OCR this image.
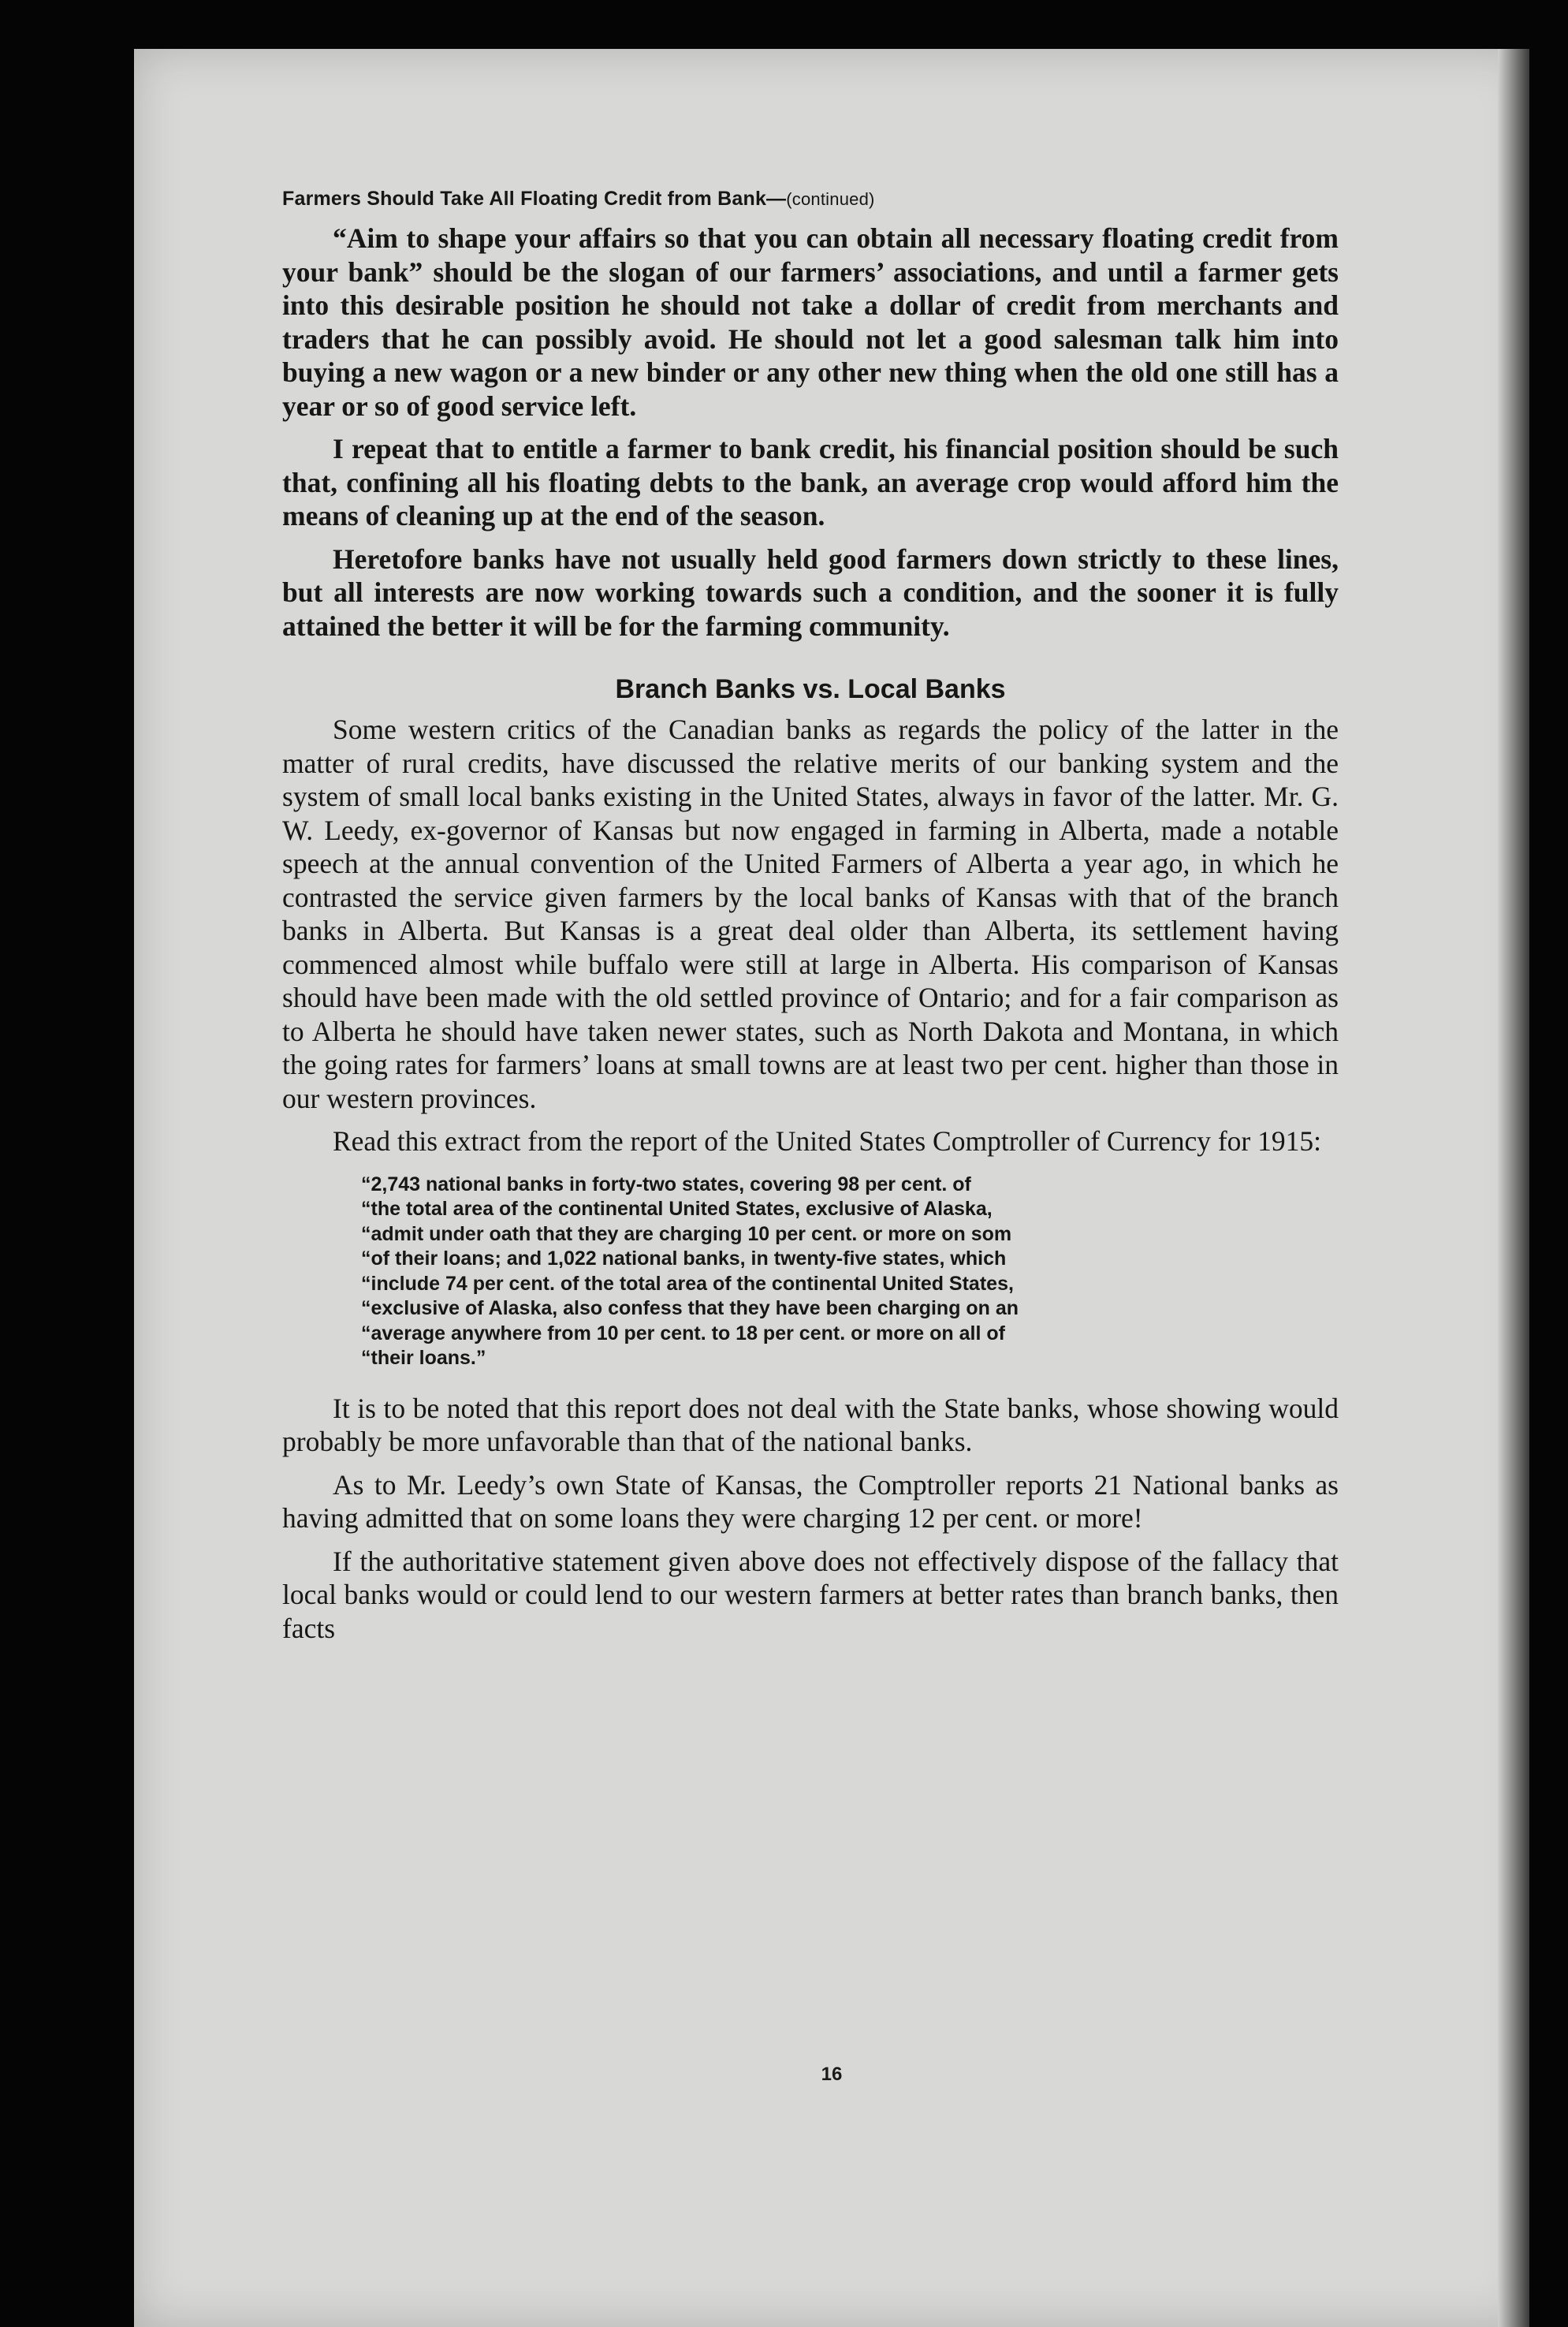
Farmers Should Take All Floating Credit from Bank—(continued)

“Aim to shape your affairs so that you can obtain all necessary floating credit from your bank” should be the slogan of our farmers’ associations, and until a farmer gets into this desirable position he should not take a dollar of credit from merchants and traders that he can possibly avoid. He should not let a good salesman talk him into buying a new wagon or a new binder or any other new thing when the old one still has a year or so of good service left.

I repeat that to entitle a farmer to bank credit, his financial position should be such that, confining all his floating debts to the bank, an average crop would afford him the means of cleaning up at the end of the season.

Heretofore banks have not usually held good farmers down strictly to these lines, but all interests are now working towards such a condition, and the sooner it is fully attained the better it will be for the farming community.

Branch Banks vs. Local Banks

Some western critics of the Canadian banks as regards the policy of the latter in the matter of rural credits, have discussed the relative merits of our banking system and the system of small local banks existing in the United States, always in favor of the latter. Mr. G. W. Leedy, ex-governor of Kansas but now engaged in farming in Alberta, made a notable speech at the annual convention of the United Farmers of Alberta a year ago, in which he contrasted the service given farmers by the local banks of Kansas with that of the branch banks in Alberta. But Kansas is a great deal older than Alberta, its settlement having commenced almost while buffalo were still at large in Alberta. His comparison of Kansas should have been made with the old settled province of Ontario; and for a fair comparison as to Alberta he should have taken newer states, such as North Dakota and Montana, in which the going rates for farmers’ loans at small towns are at least two per cent. higher than those in our western provinces.

Read this extract from the report of the United States Comptroller of Currency for 1915:

“2,743 national banks in forty-two states, covering 98 per cent. of
“the total area of the continental United States, exclusive of Alaska,
“admit under oath that they are charging 10 per cent. or more on som
“of their loans; and 1,022 national banks, in twenty-five states, which
“include 74 per cent. of the total area of the continental United States,
“exclusive of Alaska, also confess that they have been charging on an
“average anywhere from 10 per cent. to 18 per cent. or more on all of
“their loans.”

It is to be noted that this report does not deal with the State banks, whose showing would probably be more unfavorable than that of the national banks.

As to Mr. Leedy’s own State of Kansas, the Comptroller reports 21 National banks as having admitted that on some loans they were charging 12 per cent. or more!

If the authoritative statement given above does not effectively dispose of the fallacy that local banks would or could lend to our western farmers at better rates than branch banks, then facts

16
